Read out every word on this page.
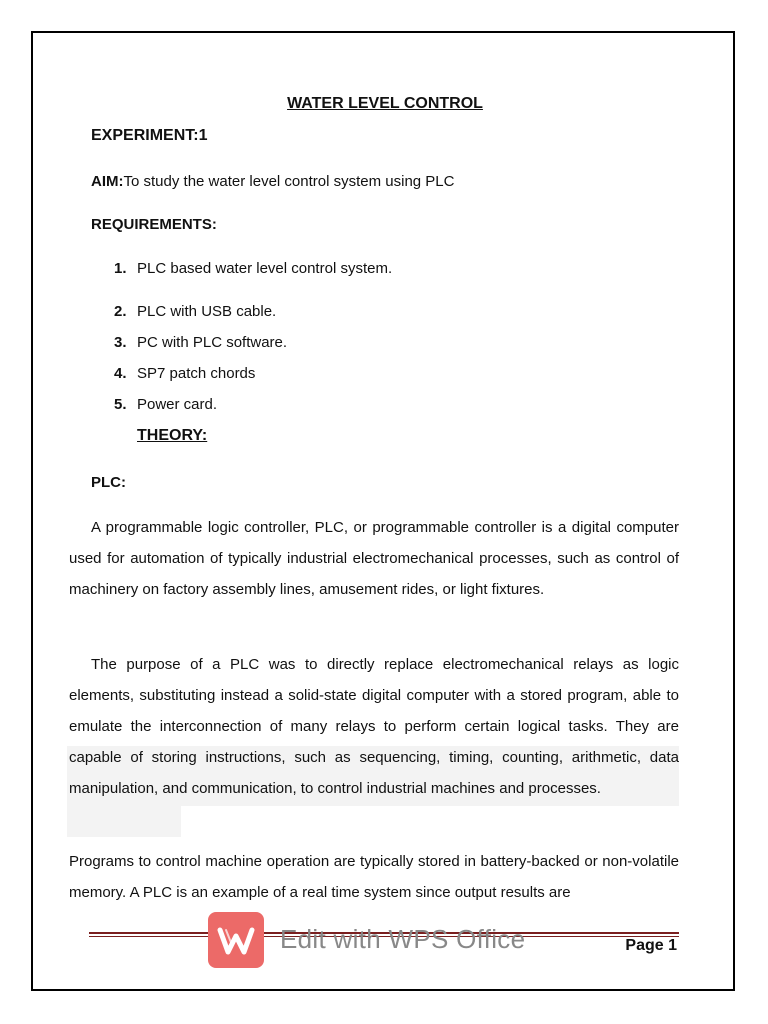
WATER LEVEL CONTROL
EXPERIMENT:1
AIM:To study the water level control system using PLC
REQUIREMENTS:
1. PLC based water level control system.
2. PLC with USB cable.
3. PC with PLC software.
4. SP7 patch chords
5. Power card.
THEORY:
PLC:
A programmable logic controller, PLC, or programmable controller is a digital computer used for automation of typically industrial electromechanical processes, such as control of machinery on factory assembly lines, amusement rides, or light fixtures.
The purpose of a PLC was to directly replace electromechanical relays as logic elements, substituting instead a solid-state digital computer with a stored program, able to emulate the interconnection of many relays to perform certain logical tasks. They are capable of storing instructions, such as sequencing, timing, counting, arithmetic, data manipulation, and communication, to control industrial machines and processes.
Programs to control machine operation are typically stored in battery-backed or non-volatile memory. A PLC is an example of a real time system since output results are
Page 1
Edit with WPS Office
